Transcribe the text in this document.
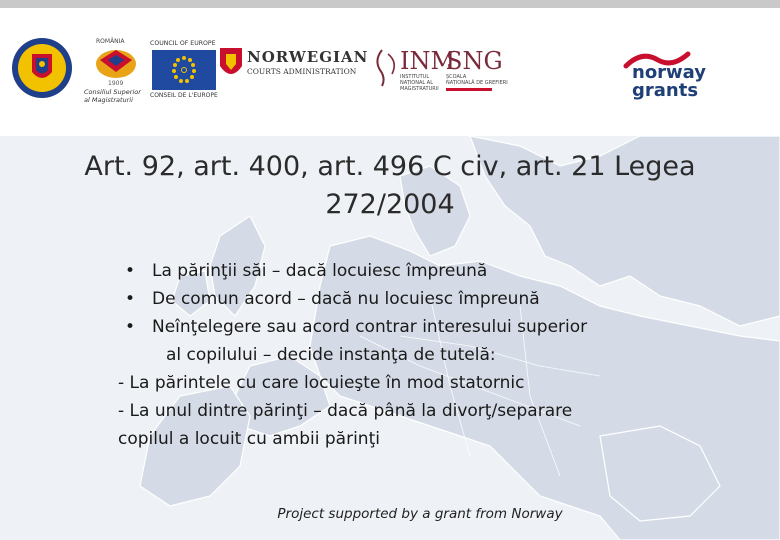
ROMÂNIA
1909
Consiliul Superior
al Magistraturii
COUNCIL OF EUROPE
CONSEIL DE L'EUROPE
NORWEGIAN
COURTS ADMINISTRATION	INM
INSTITUTUL
NAȚIONAL AL
MAGISTRATURII
SNG
ȘCOALA
NAȚIONALĂ DE GREFIERI	norway
grants
Art. 92, art. 400, art. 496 C civ, art. 21 Legea
272/2004
• La părinţii săi – dacă locuiesc împreună
• De comun acord – dacă nu locuiesc împreună
• Neînţelegere sau acord contrar interesului superior
al copilului – decide instanţa de tutelă:
- La părintele cu care locuieşte în mod statornic
- La unul dintre părinţi – dacă până la divorţ/separare
copilul a locuit cu ambii părinţi
Project supported by a grant from Norway
